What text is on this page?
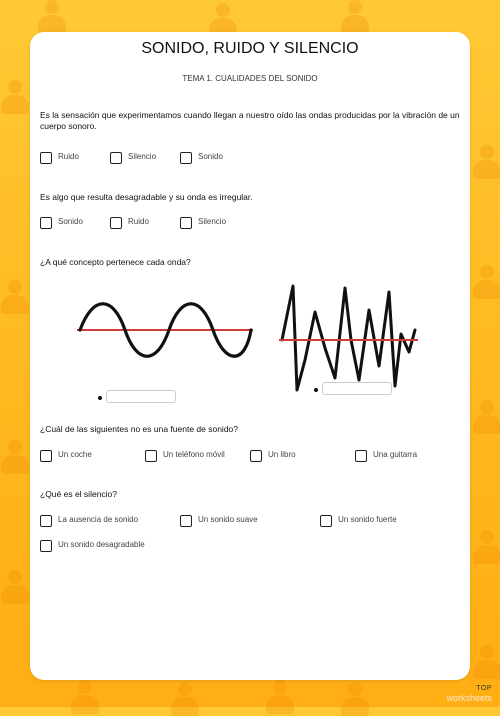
SONIDO, RUIDO Y SILENCIO
TEMA 1. CUALIDADES DEL SONIDO
Es la sensación que experimentamos cuando llegan a nuestro oído las ondas producidas por la vibración de un cuerpo sonoro.
Ruido	Silencio	Sonido
Es algo que resulta desagradable y su onda es irregular.
Sonido	Ruido	Silencio
¿A qué concepto pertenece cada onda?
¿Cuál de las siguientes no es una fuente de sonido?
Un coche	Un teléfono móvil	Un libro	Una guitarra
¿Qué es el silencio?
La ausencia de sonido	Un sonido suave	Un sonido fuerte
Un sonido desagradable
TOP
worksheets
